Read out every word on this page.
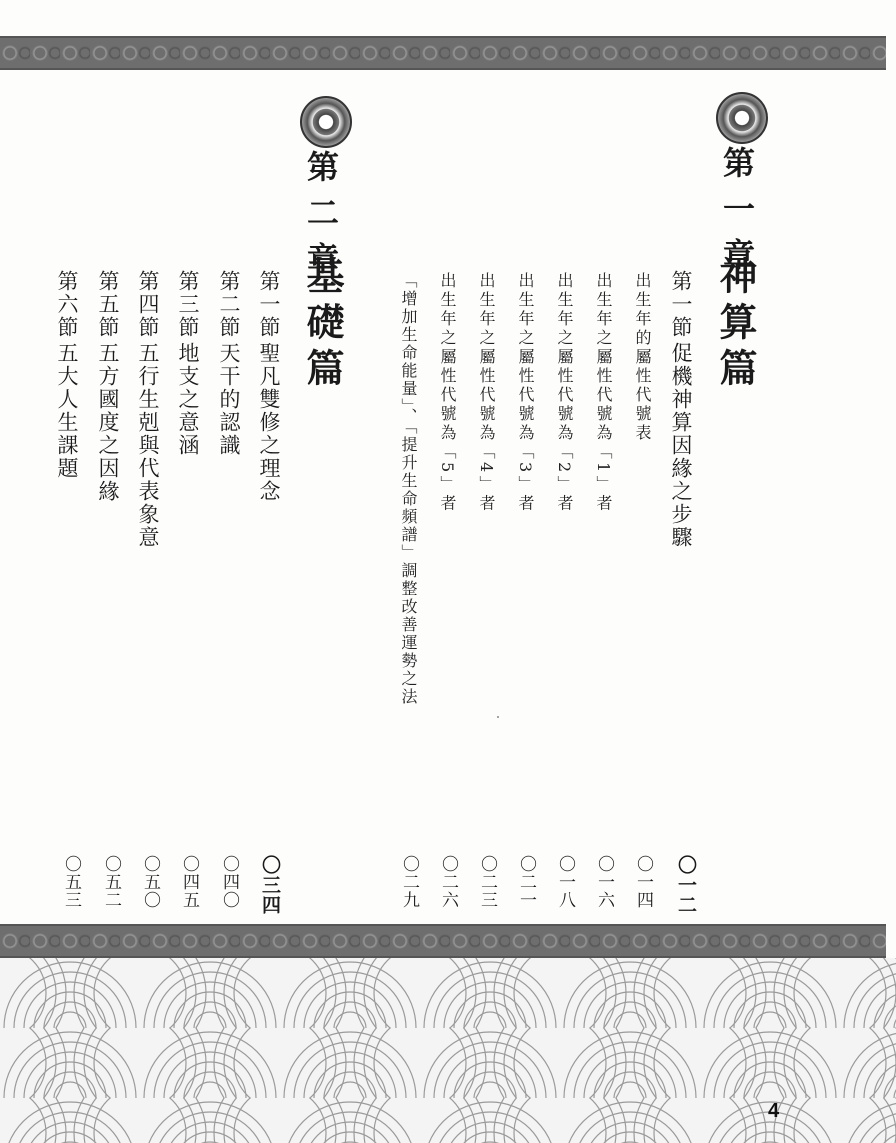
第一章
神算篇
第一節
促機神算因緣之步驟
〇一二
出生年的屬性代號表
〇一四
出生年之屬性代號為「1」者
〇一六
出生年之屬性代號為「2」者
〇一八
出生年之屬性代號為「3」者
〇二一
出生年之屬性代號為「4」者
〇二三
出生年之屬性代號為「5」者
〇二六
「增加生命能量」、「提升生命頻譜」調整改善運勢之法
〇二九
第二章
基礎篇
第一節
聖凡雙修之理念
〇三四
第二節
天干的認識
〇四〇
第三節
地支之意涵
〇四五
第四節
五行生剋與代表象意
〇五〇
第五節
五方國度之因緣
〇五二
第六節
五大人生課題
〇五三
4
